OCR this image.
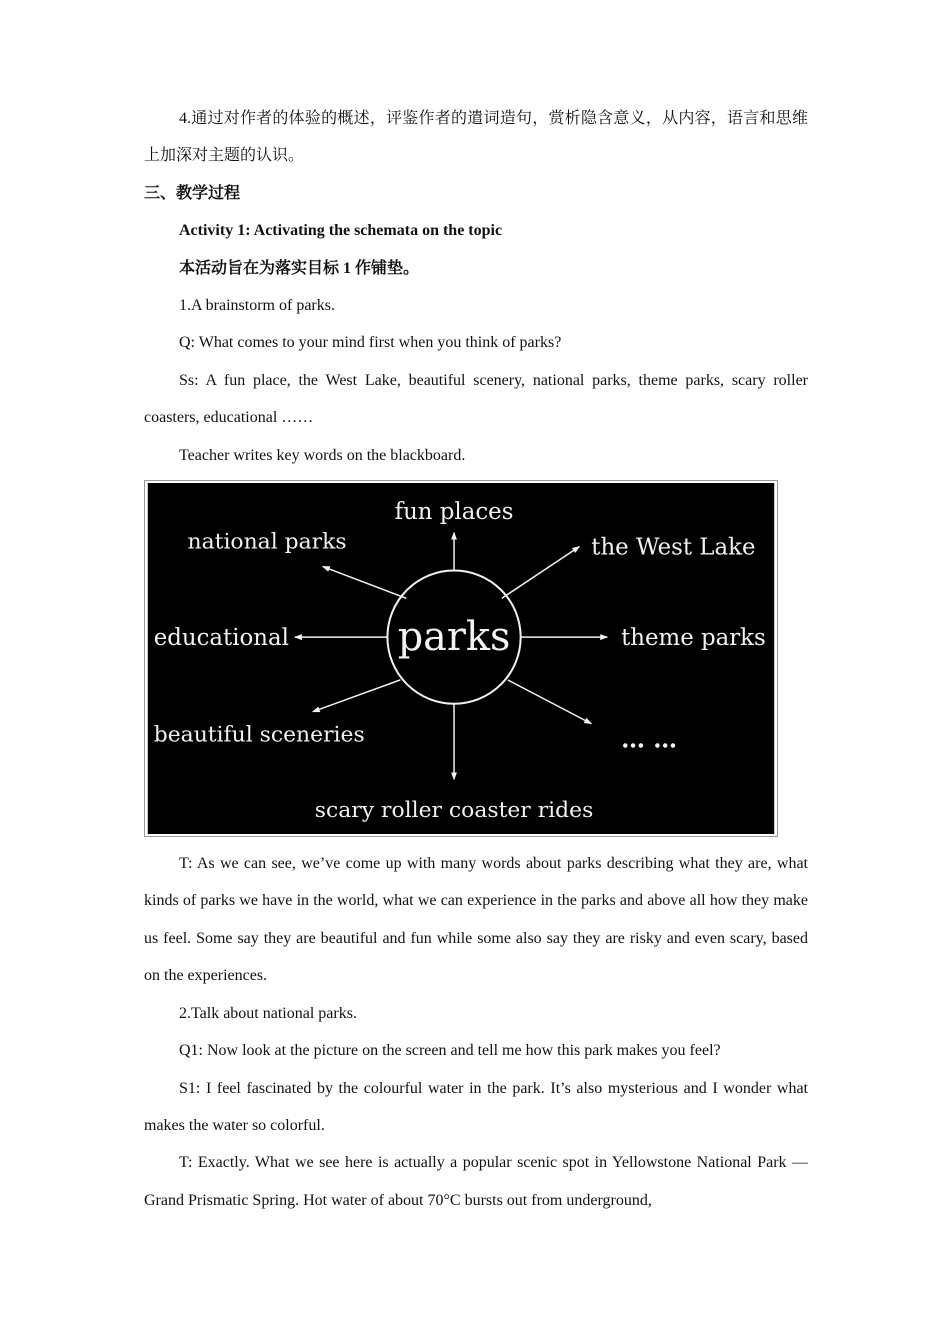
4.通过对作者的体验的概述，评鉴作者的遣词造句，赏析隐含意义，从内容，语言和思维上加深对主题的认识。

三、教学过程

Activity 1: Activating the schemata on the topic

本活动旨在为落实目标 1 作铺垫。

1.A brainstorm of parks.

Q: What comes to your mind first when you think of parks?

Ss: A fun place, the West Lake, beautiful scenery, national parks, theme parks, scary roller coasters, educational ……

Teacher writes key words on the blackboard.

parks
fun places
national parks	the West Lake
educational	theme parks
beautiful sceneries	… …
scary roller coaster rides

T: As we can see, we’ve come up with many words about parks describing what they are, what kinds of parks we have in the world, what we can experience in the parks and above all how they make us feel. Some say they are beautiful and fun while some also say they are risky and even scary, based on the experiences.

2.Talk about national parks.

Q1: Now look at the picture on the screen and tell me how this park makes you feel?

S1: I feel fascinated by the colourful water in the park. It’s also mysterious and I wonder what makes the water so colorful.

T: Exactly. What we see here is actually a popular scenic spot in Yellowstone National Park — Grand Prismatic Spring. Hot water of about 70°C bursts out from underground,
